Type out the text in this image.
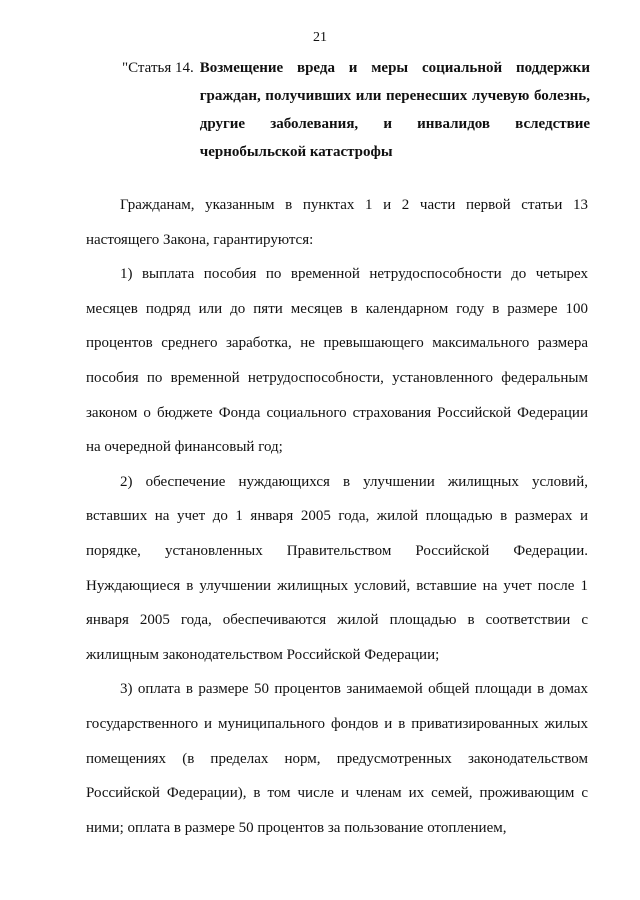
21
"Статья 14. Возмещение вреда и меры социальной поддержки граждан, получивших или перенесших лучевую болезнь, другие заболевания, и инвалидов вследствие чернобыльской катастрофы

Гражданам, указанным в пунктах 1 и 2 части первой статьи 13 настоящего Закона, гарантируются:

1) выплата пособия по временной нетрудоспособности до четырех месяцев подряд или до пяти месяцев в календарном году в размере 100 процентов среднего заработка, не превышающего максимального размера пособия по временной нетрудоспособности, установленного федеральным законом о бюджете Фонда социального страхования Российской Федерации на очередной финансовый год;

2) обеспечение нуждающихся в улучшении жилищных условий, вставших на учет до 1 января 2005 года, жилой площадью в размерах и порядке, установленных Правительством Российской Федерации. Нуждающиеся в улучшении жилищных условий, вставшие на учет после 1 января 2005 года, обеспечиваются жилой площадью в соответствии с жилищным законодательством Российской Федерации;

3) оплата в размере 50 процентов занимаемой общей площади в домах государственного и муниципального фондов и в приватизированных жилых помещениях (в пределах норм, предусмотренных законодательством Российской Федерации), в том числе и членам их семей, проживающим с ними; оплата в размере 50 процентов за пользование отоплением,
